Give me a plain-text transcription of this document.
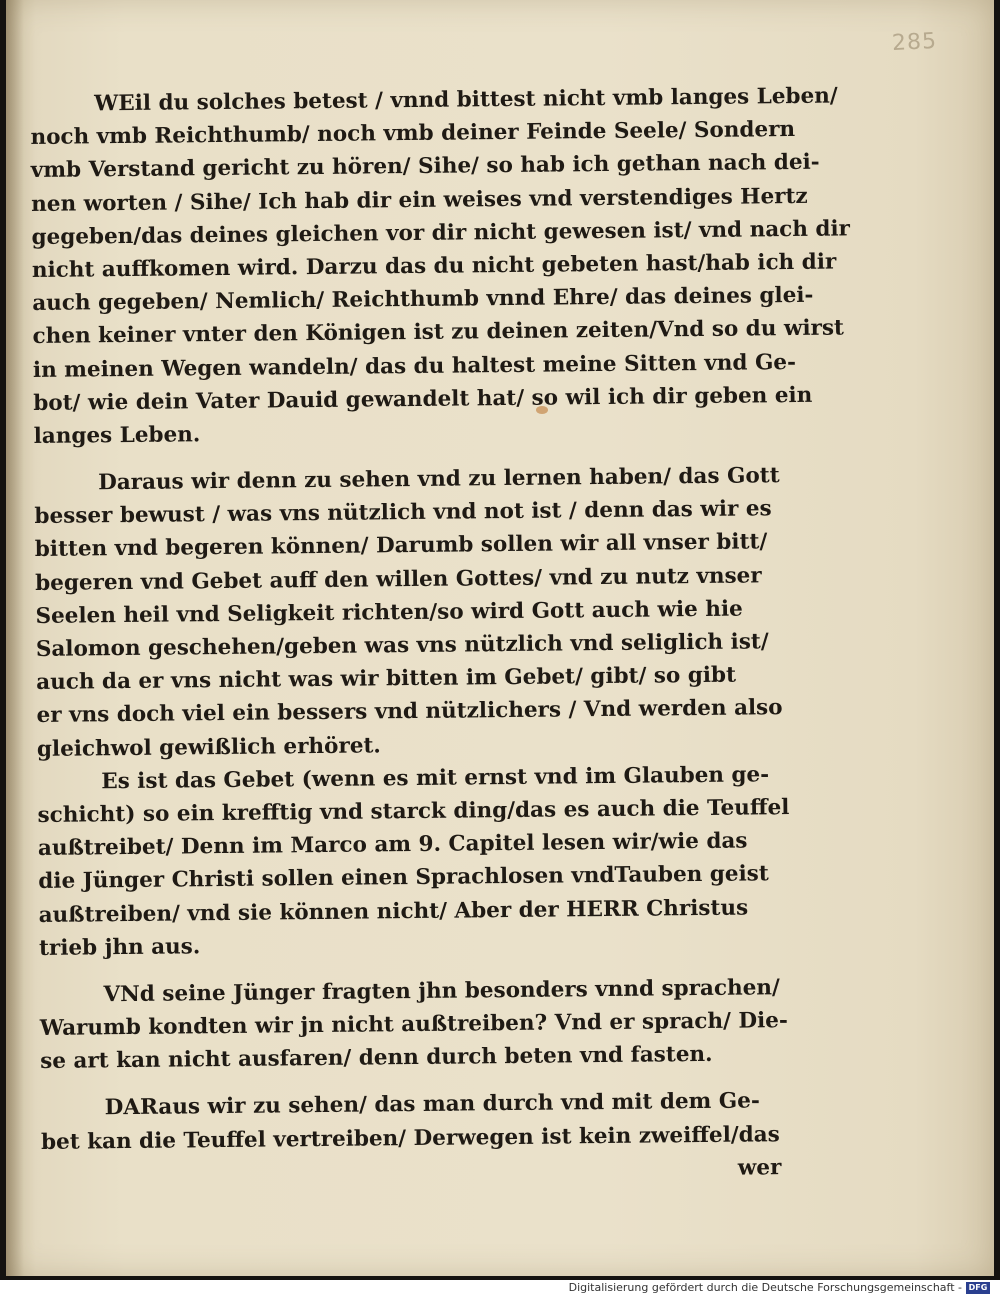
285
WEil du solches betest / vnnd bittest nicht vmb langes Leben/
noch vmb Reichthumb/ noch vmb deiner Feinde Seele/ Sondern
vmb Verstand gericht zu hören/ Sihe/ so hab ich gethan nach dei-
nen worten / Sihe/ Ich hab dir ein weises vnd verstendiges Hertz
gegeben/das deines gleichen vor dir nicht gewesen ist/ vnd nach dir
nicht auffkomen wird. Darzu das du nicht gebeten hast/hab ich dir
auch gegeben/ Nemlich/ Reichthumb vnnd Ehre/ das deines glei-
chen keiner vnter den Königen ist zu deinen zeiten/Vnd so du wirst
in meinen Wegen wandeln/ das du haltest meine Sitten vnd Ge-
bot/ wie dein Vater Dauid gewandelt hat/ so wil ich dir geben ein
langes Leben.
Daraus wir denn zu sehen vnd zu lernen haben/ das Gott
besser bewust / was vns nützlich vnd not ist / denn das wir es
bitten vnd begeren können/ Darumb sollen wir all vnser bitt/
begeren vnd Gebet auff den willen Gottes/ vnd zu nutz vnser
Seelen heil vnd Seligkeit richten/so wird Gott auch wie hie
Salomon geschehen/geben was vns nützlich vnd seliglich ist/
auch da er vns nicht was wir bitten im Gebet/ gibt/ so gibt
er vns doch viel ein bessers vnd nützlichers / Vnd werden also
gleichwol gewißlich erhöret.
Es ist das Gebet (wenn es mit ernst vnd im Glauben ge-
schicht) so ein krefftig vnd starck ding/das es auch die Teuffel
außtreibet/ Denn im Marco am 9. Capitel lesen wir/wie das
die Jünger Christi sollen einen Sprachlosen vndTauben geist
außtreiben/ vnd sie können nicht/ Aber der HERR Christus
trieb jhn aus.
VNd seine Jünger fragten jhn besonders vnnd sprachen/
Warumb kondten wir jn nicht außtreiben? Vnd er sprach/ Die-
se art kan nicht ausfaren/ denn durch beten vnd fasten.
DARaus wir zu sehen/ das man durch vnd mit dem Ge-
bet kan die Teuffel vertreiben/ Derwegen ist kein zweiffel/das
wer
Digitalisierung gefördert durch die Deutsche Forschungsgemeinschaft - DFG
